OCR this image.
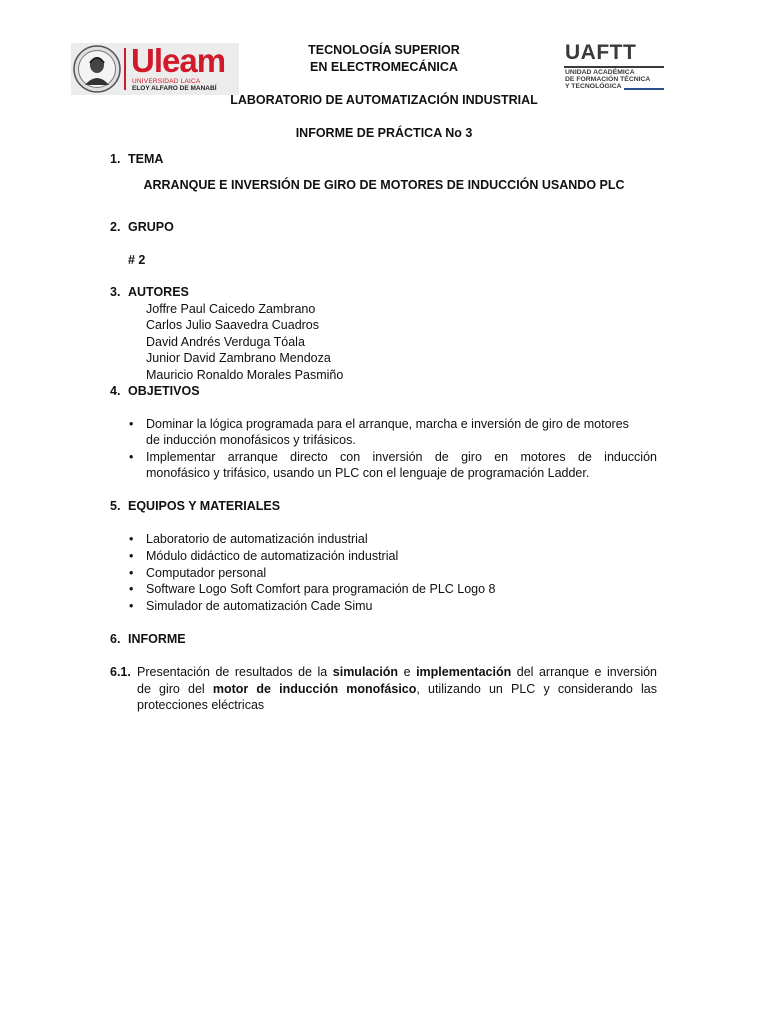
Uleam
UNIVERSIDAD LAICA
ELOY ALFARO DE MANABÍ
TECNOLOGÍA SUPERIOR
EN ELECTROMECÁNICA
UAFTT
UNIDAD ACADÉMICA
DE FORMACIÓN TÉCNICA
Y TECNOLÓGICA
LABORATORIO DE AUTOMATIZACIÓN INDUSTRIAL
INFORME DE PRÁCTICA No 3
1. TEMA
ARRANQUE E INVERSIÓN DE GIRO DE MOTORES DE INDUCCIÓN USANDO PLC
2. GRUPO
# 2
3. AUTORES
Joffre Paul Caicedo Zambrano
Carlos Julio Saavedra Cuadros
David Andrés Verduga Tóala
Junior David Zambrano Mendoza
Mauricio Ronaldo Morales Pasmiño
4. OBJETIVOS
• Dominar la lógica programada para el arranque, marcha e inversión de giro de motores
de inducción monofásicos y trifásicos.
• Implementar arranque directo con inversión de giro en motores de inducción
monofásico y trifásico, usando un PLC con el lenguaje de programación Ladder.
5. EQUIPOS Y MATERIALES
• Laboratorio de automatización industrial
• Módulo didáctico de automatización industrial
• Computador personal
• Software Logo Soft Comfort para programación de PLC Logo 8
• Simulador de automatización Cade Simu
6. INFORME
6.1. Presentación de resultados de la simulación e implementación del arranque e inversión
de giro del motor de inducción monofásico, utilizando un PLC y considerando las
protecciones eléctricas
